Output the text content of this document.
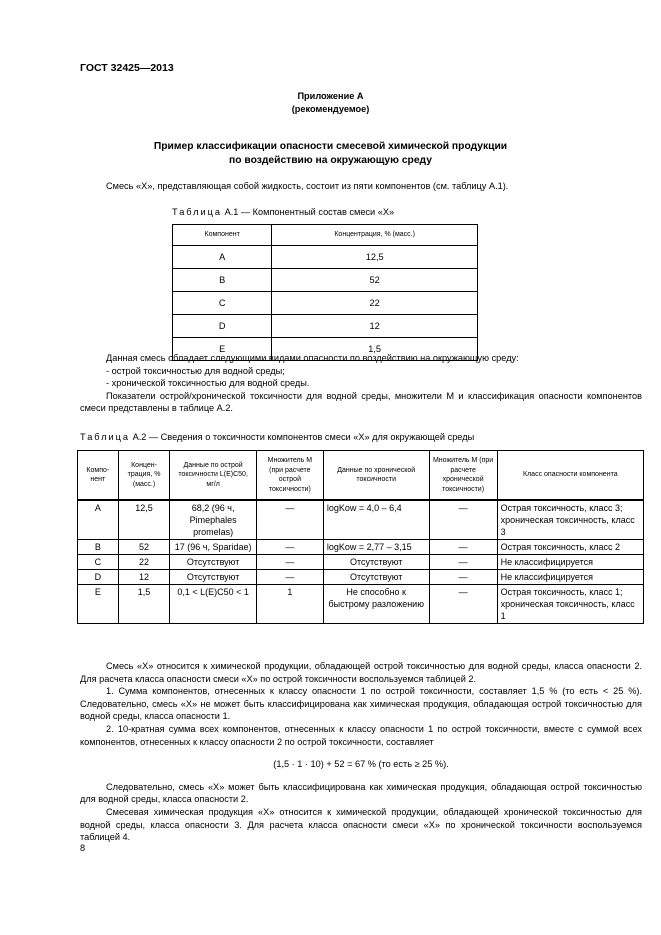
ГОСТ 32425—2013
Приложение А
(рекомендуемое)
Пример классификации опасности смесевой химической продукции
по воздействию на окружающую среду
Смесь «X», представляющая собой жидкость, состоит из пяти компонентов (см. таблицу А.1).
Таблица А.1 — Компонентный состав смеси «X»
Компонент	Концентрация, % (масс.)
A	12,5
B	52
C	22
D	12
E	1,5

Данная смесь обладает следующими видами опасности по воздействию на окружающую среду:

- острой токсичностью для водной среды;

- хронической токсичностью для водной среды.

Показатели острой/хронической токсичности для водной среды, множители М и классификация опасности компонентов смеси представлены в таблице А.2.

Таблица А.2 — Сведения о токсичности компонентов смеси «X» для окружающей среды
Компо-нент	Концен-трация, % (масс.)	Данные по острой токсичности L(E)C50, мг/л	Множитель М (при расчете острой токсичности)	Данные по хронической токсичности	Множитель М (при расчете хронической токсичности)	Класс опасности компонента
A	12,5	68,2 (96 ч, Pimephales promelas)	—	logKow = 4,0 – 6,4	—	Острая токсичность, класс 3; хроническая токсичность, класс 3
B	52	17 (96 ч, Sparidae)	—	logKow = 2,77 – 3,15	—	Острая токсичность, класс 2
C	22	Отсутствуют	—	Отсутствуют	—	Не классифицируется
D	12	Отсутствуют	—	Отсутствуют	—	Не классифицируется
E	1,5	0,1 < L(E)C50 < 1	1	Не способно к быстрому разложению	—	Острая токсичность, класс 1; хроническая токсичность, класс 1

Смесь «X» относится к химической продукции, обладающей острой токсичностью для водной среды, класса опасности 2. Для расчета класса опасности смеси «X» по острой токсичности воспользуемся таблицей 2.

1. Сумма компонентов, отнесенных к классу опасности 1 по острой токсичности, составляет 1,5 % (то есть < 25 %). Следовательно, смесь «X» не может быть классифицирована как химическая продукция, обладающая острой токсичностью для водной среды, класса опасности 1.

2. 10-кратная сумма всех компонентов, отнесенных к классу опасности 1 по острой токсичности, вместе с суммой всех компонентов, отнесенных к классу опасности 2 по острой токсичности, составляет

(1,5 · 1 · 10) + 52 = 67 % (то есть ≥ 25 %).

Следовательно, смесь «X» может быть классифицирована как химическая продукция, обладающая острой токсичностью для водной среды, класса опасности 2.

Смесевая химическая продукция «X» относится к химической продукции, обладающей хронической токсичностью для водной среды, класса опасности 3. Для расчета класса опасности смеси «X» по хронической токсичности воспользуемся таблицей 4.

8
